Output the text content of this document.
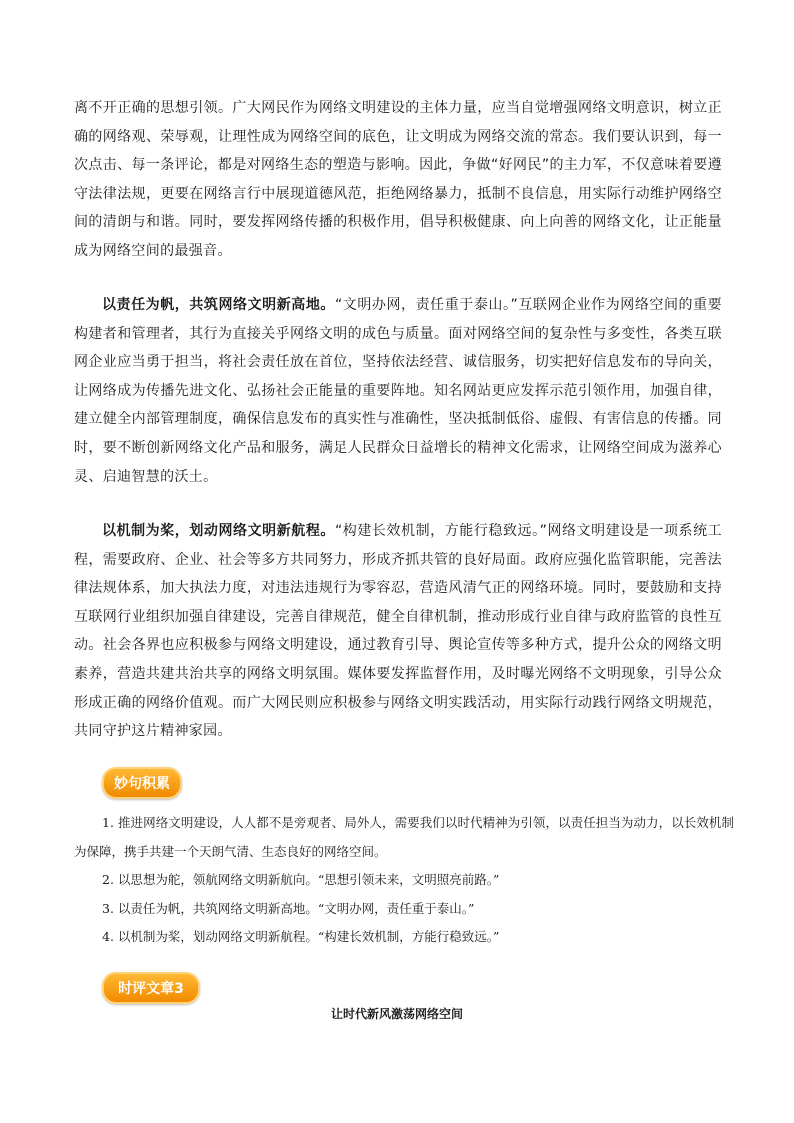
离不开正确的思想引领。广大网民作为网络文明建设的主体力量，应当自觉增强网络文明意识，树立正确的网络观、荣辱观，让理性成为网络空间的底色，让文明成为网络交流的常态。我们要认识到，每一次点击、每一条评论，都是对网络生态的塑造与影响。因此，争做“好网民”的主力军，不仅意味着要遵守法律法规，更要在网络言行中展现道德风范，拒绝网络暴力，抵制不良信息，用实际行动维护网络空间的清朗与和谐。同时，要发挥网络传播的积极作用，倡导积极健康、向上向善的网络文化，让正能量成为网络空间的最强音。

以责任为帆，共筑网络文明新高地。“文明办网，责任重于泰山。”互联网企业作为网络空间的重要构建者和管理者，其行为直接关乎网络文明的成色与质量。面对网络空间的复杂性与多变性，各类互联网企业应当勇于担当，将社会责任放在首位，坚持依法经营、诚信服务，切实把好信息发布的导向关，让网络成为传播先进文化、弘扬社会正能量的重要阵地。知名网站更应发挥示范引领作用，加强自律，建立健全内部管理制度，确保信息发布的真实性与准确性，坚决抵制低俗、虚假、有害信息的传播。同时，要不断创新网络文化产品和服务，满足人民群众日益增长的精神文化需求，让网络空间成为滋养心灵、启迪智慧的沃土。

以机制为桨，划动网络文明新航程。“构建长效机制，方能行稳致远。”网络文明建设是一项系统工程，需要政府、企业、社会等多方共同努力，形成齐抓共管的良好局面。政府应强化监管职能，完善法律法规体系，加大执法力度，对违法违规行为零容忍，营造风清气正的网络环境。同时，要鼓励和支持互联网行业组织加强自律建设，完善自律规范，健全自律机制，推动形成行业自律与政府监管的良性互动。社会各界也应积极参与网络文明建设，通过教育引导、舆论宣传等多种方式，提升公众的网络文明素养，营造共建共治共享的网络文明氛围。媒体要发挥监督作用，及时曝光网络不文明现象，引导公众形成正确的网络价值观。而广大网民则应积极参与网络文明实践活动，用实际行动践行网络文明规范，共同守护这片精神家园。

妙句积累

1. 推进网络文明建设，人人都不是旁观者、局外人，需要我们以时代精神为引领，以责任担当为动力，以长效机制为保障，携手共建一个天朗气清、生态良好的网络空间。

2. 以思想为舵，领航网络文明新航向。“思想引领未来，文明照亮前路。”

3. 以责任为帆，共筑网络文明新高地。“文明办网，责任重于泰山。”

4. 以机制为桨，划动网络文明新航程。“构建长效机制，方能行稳致远。”

时评文章3
让时代新风激荡网络空间
